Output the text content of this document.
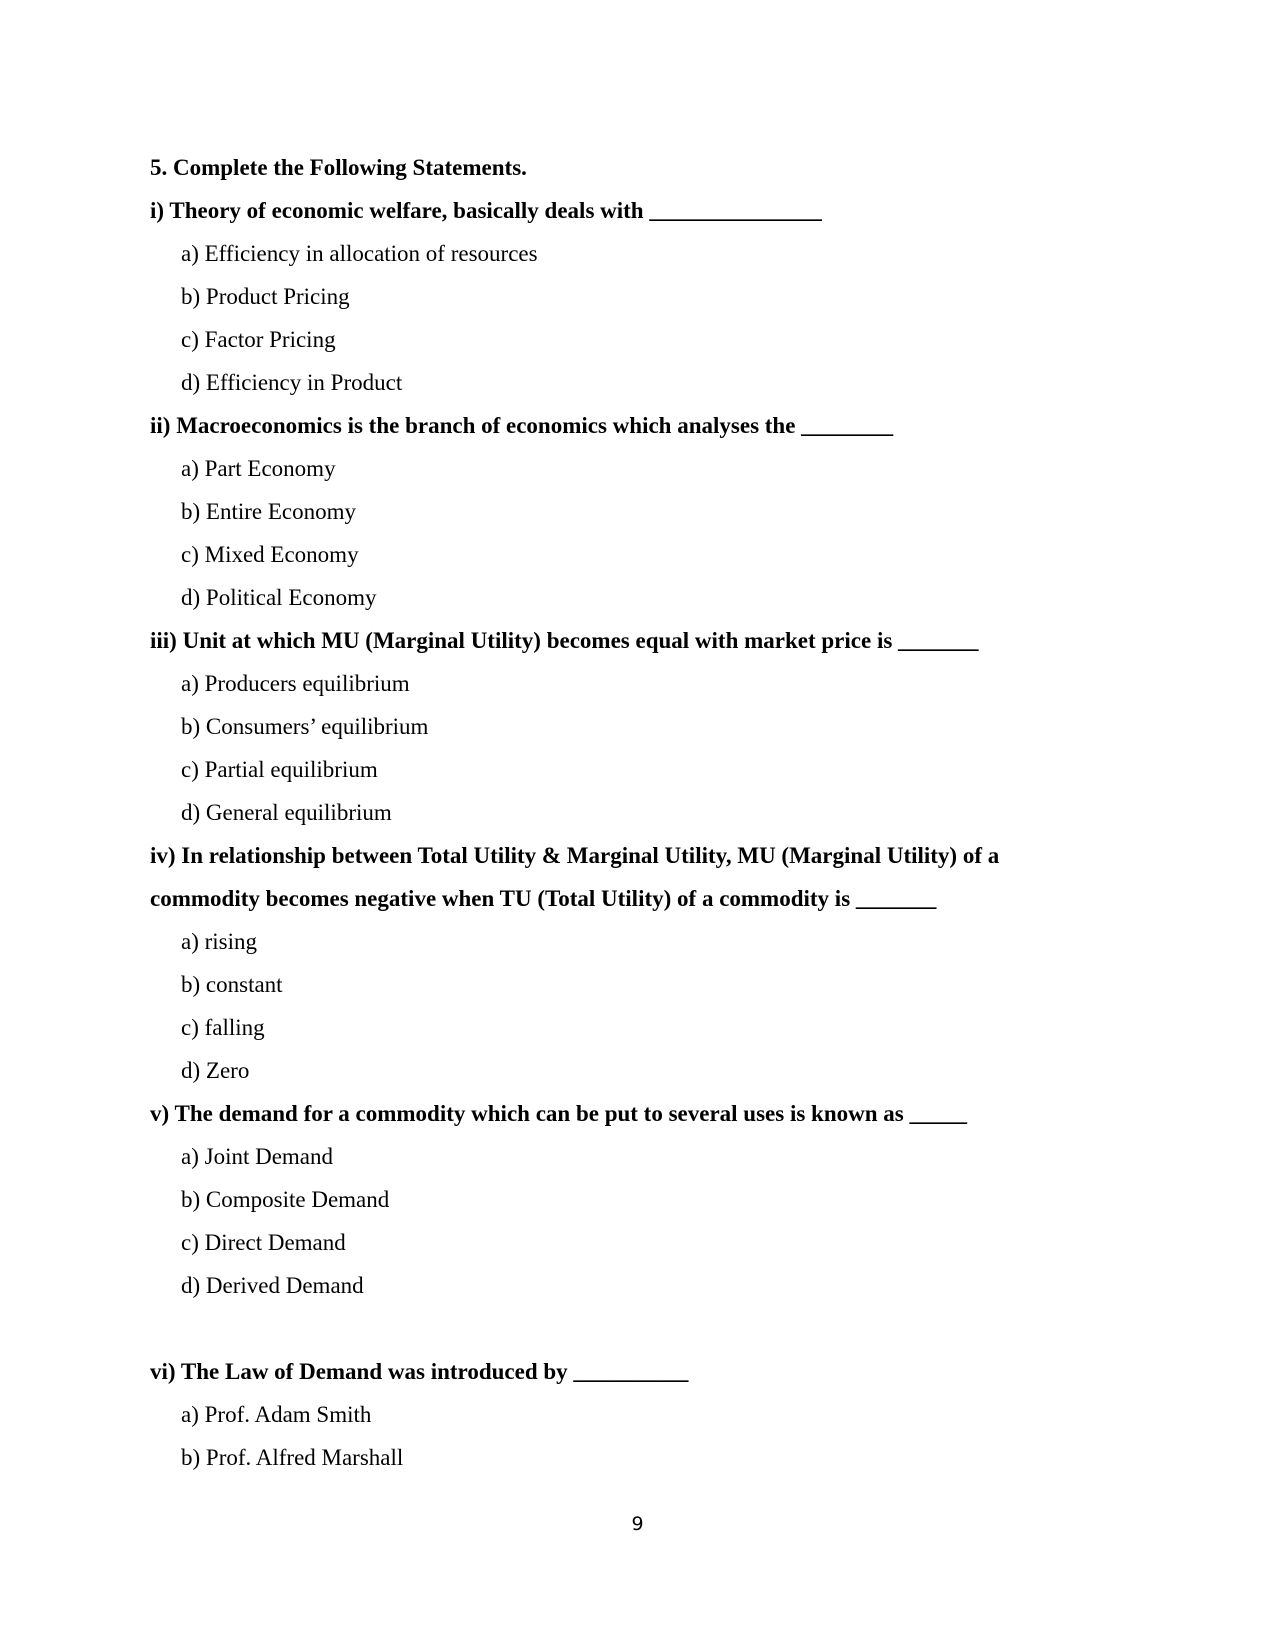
5. Complete the Following Statements.

i) Theory of economic welfare, basically deals with _______________

a) Efficiency in allocation of resources

b) Product Pricing

c) Factor Pricing

d) Efficiency in Product

ii) Macroeconomics is the branch of economics which analyses the ________

a) Part Economy

b) Entire Economy

c) Mixed Economy

d) Political Economy

iii) Unit at which MU (Marginal Utility) becomes equal with market price is _______

a) Producers equilibrium

b) Consumers’ equilibrium

c) Partial equilibrium

d) General equilibrium

iv) In relationship between Total Utility & Marginal Utility, MU (Marginal Utility) of a commodity becomes negative when TU (Total Utility) of a commodity is _______

a) rising

b) constant

c) falling

d) Zero

v) The demand for a commodity which can be put to several uses is known as _____

a) Joint Demand

b) Composite Demand

c) Direct Demand

d) Derived Demand

vi) The Law of Demand was introduced by __________

a) Prof. Adam Smith

b) Prof. Alfred Marshall

9
